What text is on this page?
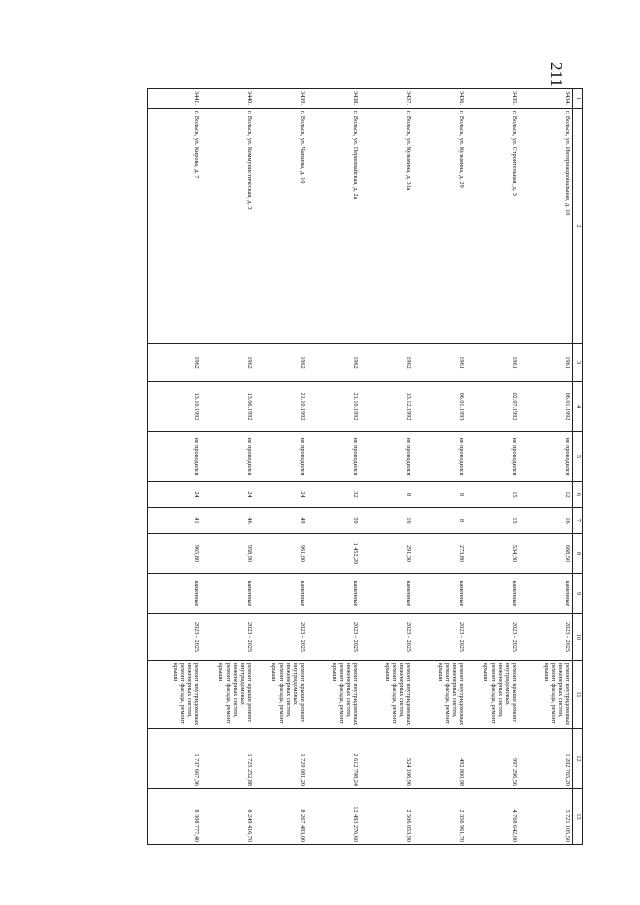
211
1	2	3	4	5	6	7	8	9	10	11	12	13
3434.	г. Вольск, ул. Интернациональная, д. 10	1961	06.01.1992	не проводился	12	16	668,50	каменные	2023 - 2025	ремонт внутридомовых инженерных систем, ремонт фасада, ремонт крыши	1 202 765,20	3 721 105,50
3435.	г. Вольск, ул. Строительная, д. 3	1961	02.07.1992	не проводился	15	15	534,30	каменные	2023 - 2025	ремонт крыши ремонт внутридомовых инженерных систем, ремонт фасада, ремонт крыши	997 296,56	4 768 642,00
3436.	г. Вольск, ул. Кузьмина, д. 29	1961	06.01.1993	не проводился	8	8	273,80	каменные	2023 - 2025	ремонт внутридомовых инженерных систем, ремонт фасада, ремонт крыши	492 800,98	2 356 961,70
3437.	г. Вольск, ул. Кузьмина, д. 31а	1962	13.12.1992	не проводился	8	16	291,30	каменные	2023 - 2025	ремонт внутридомовых инженерных систем, ремонт фасада, ремонт крыши	524 106,96	2 506 053,90
3438.	г. Вольск, ул. Первомайская, д. 2а	1962	21.10.1992	не проводился	32	59	1 452,20	каменные	2023 - 2025	ремонт внутридомовых инженерных систем, ремонт фасада, ремонт крыши	2 612 798,24	12 493 276,60
3439.	г. Вольск, ул. Чапаева, д. 10	1962	21.10.1992	не проводился	24	49	961,00	каменные	2023 - 2025	ремонт крыши ремонт внутридомовых инженерных систем, ремонт фасада, ремонт крыши	1 729 081,20	8 267 483,00
3440.	г. Вольск, ул. Коммунистическая, д. 3	1962	13.06.1992	не проводился	24	46	958,90	каменные	2023 - 2025	ремонт крыши ремонт внутридомовых инженерных систем, ремонт фасада, ремонт крыши	1 725 252,88	8 249 416,70
3441.	г. Вольск, ул. Кирова, д. 7	1962	13.10.1992	не проводился	24	41	965,80	каменные	2023 - 2025	ремонт внутридомовых инженерных систем, ремонт фасада, ремонт крыши	1 737 667,36	8 308 777,40
